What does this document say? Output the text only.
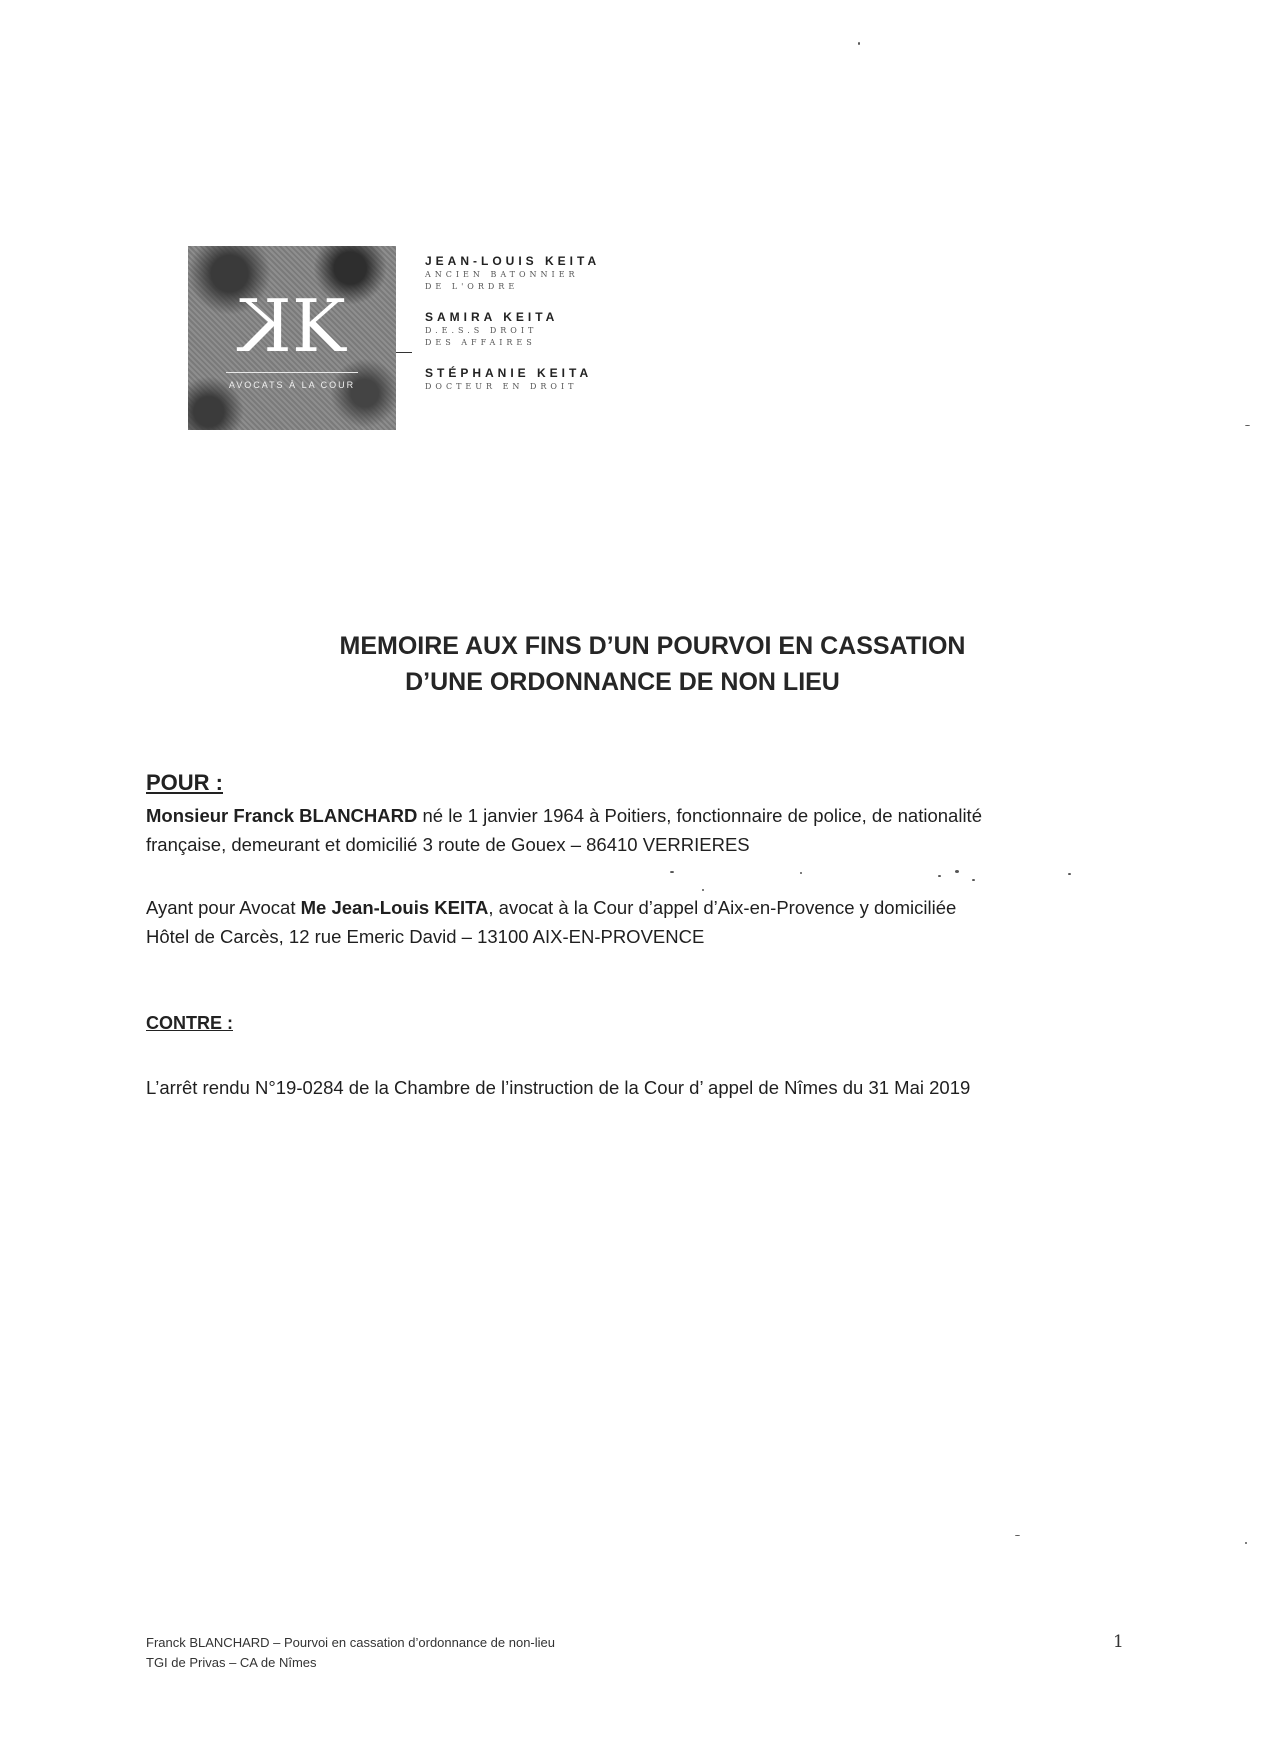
KK
AVOCATS À LA COUR
JEAN-LOUIS KEITA
ANCIEN BATONNIER
DE L'ORDRE
SAMIRA KEITA
D.E.S.S DROIT
DES AFFAIRES
STÉPHANIE KEITA
DOCTEUR EN DROIT
MEMOIRE AUX FINS D’UN POURVOI EN CASSATION
D’UNE ORDONNANCE DE NON LIEU
POUR :
Monsieur Franck BLANCHARD né le 1 janvier 1964 à Poitiers, fonctionnaire de police, de nationalité
française, demeurant et domicilié 3 route de Gouex – 86410 VERRIERES
Ayant pour Avocat Me Jean-Louis KEITA, avocat à la Cour d’appel d’Aix-en-Provence y domiciliée
Hôtel de Carcès, 12 rue Emeric David – 13100 AIX-EN-PROVENCE
CONTRE :
L’arrêt rendu N°19-0284 de la Chambre de l’instruction de la Cour d’ appel de Nîmes du 31 Mai 2019
Franck BLANCHARD – Pourvoi en cassation d’ordonnance de non-lieu
TGI de Privas – CA de Nîmes
1
